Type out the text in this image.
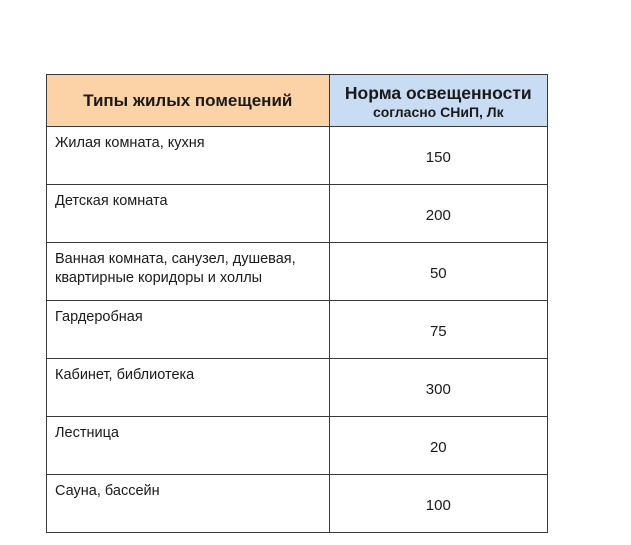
Типы жилых помещений	Норма освещенности
согласно СНиП, Лк

Жилая комната, кухня	150
Детская комната	200
Ванная комната, санузел, душевая, квартирные коридоры и холлы	50
Гардеробная	75
Кабинет, библиотека	300
Лестница	20
Сауна, бассейн	100
